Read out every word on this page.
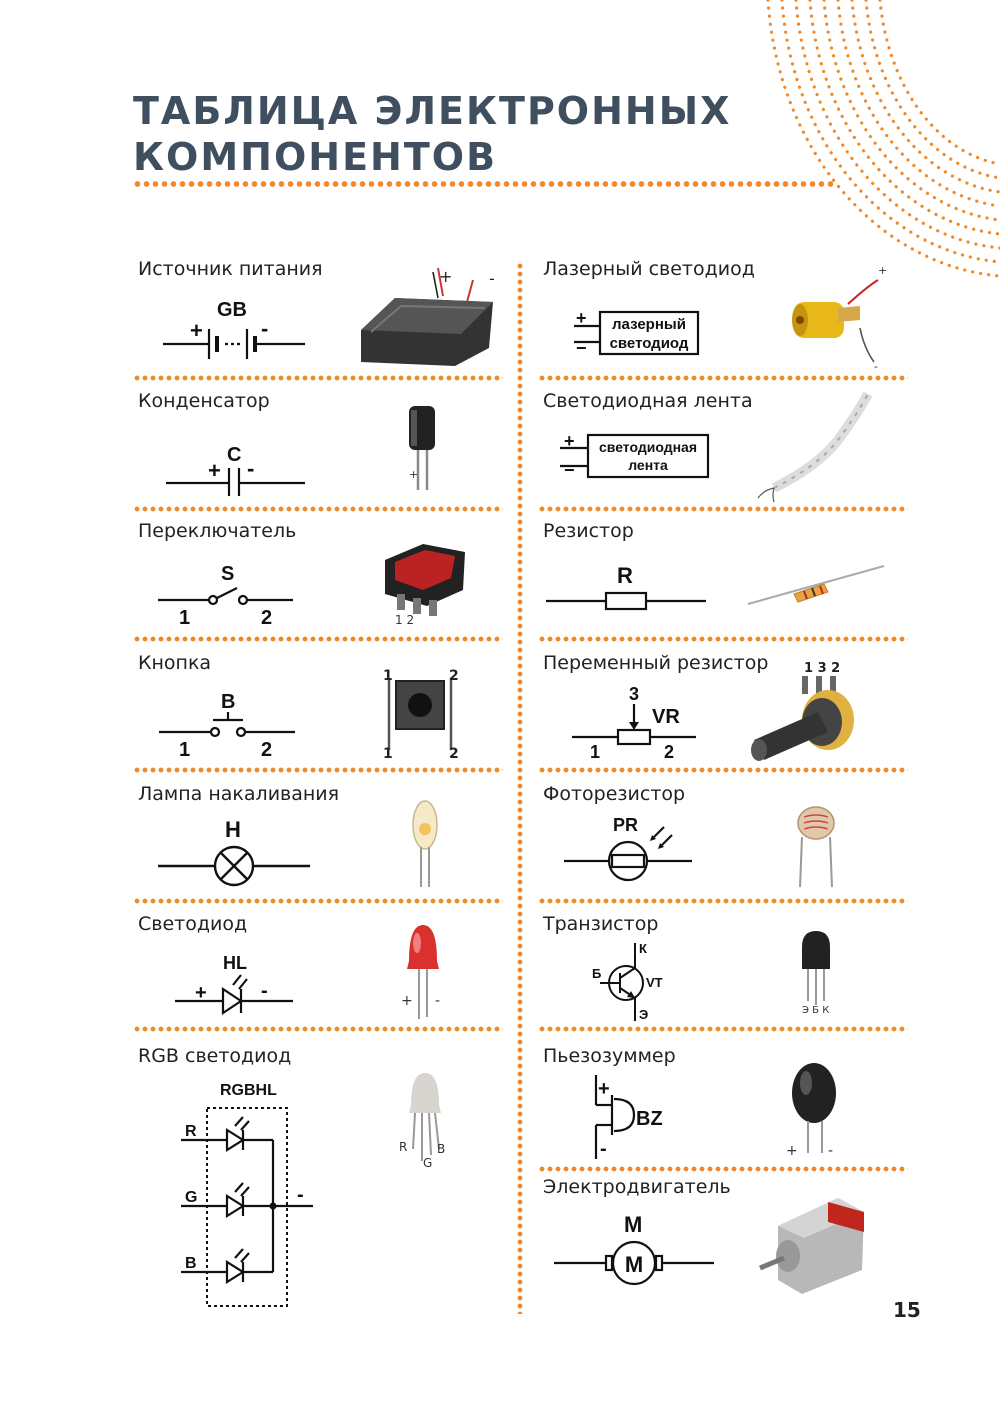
ТАБЛИЦА ЭЛЕКТРОННЫХ
КОМПОНЕНТОВ
Источник питания
GB
+	-
+ -
Конденсатор
C
+ -	+
Переключатель
S
1	2	1 2
Кнопка
B
1	2
1	2
1	2
Лампа накаливания
H
Светодиод
HL
+	-	+ -
RGB светодиод
RGBHL
R
G
B
-
R
G
B
Лазерный светодиод
лазерный
светодиод
+
−
+
-
Светодиодная лента
светодиодная
лента
+
−
Резистор
R
Переменный резистор
3
VR
1	2
1 3 2
Фоторезистор
PR
Транзистор
VT
Б
К
Э	Э Б К
Пьезозуммер
+
-
BZ
+ -
Электродвигатель
M
M
15
